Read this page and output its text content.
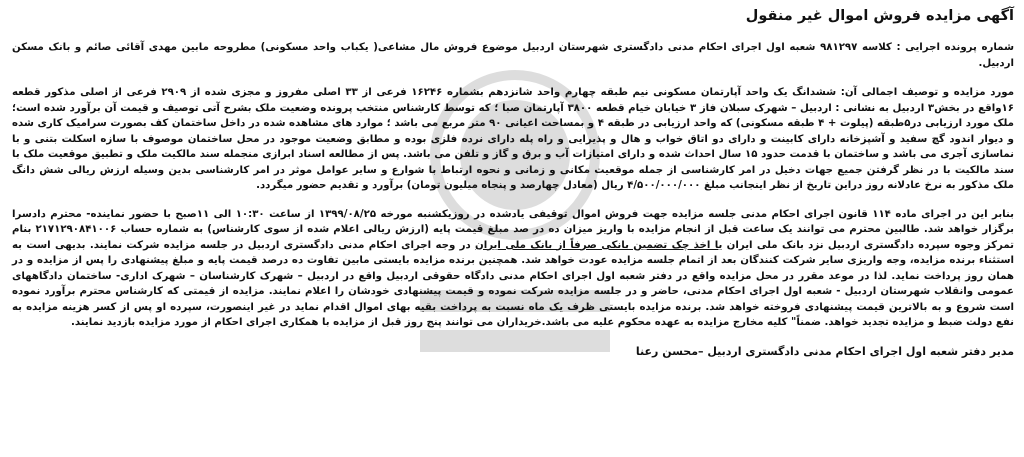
آگهی مزایده فروش اموال غیر منقول

شماره پرونده اجرایی : کلاسه ۹۸۱۲۹۷ شعبه اول اجرای احکام مدنی دادگستری شهرستان اردبیل موضوع فروش مال مشاعی( یکباب واحد مسکونی) مطروحه مابین مهدی آقائی صائم و بانک مسکن اردبیل.

مورد مزایده و توصیف اجمالی آن: ششدانگ یک واحد آپارتمان مسکونی نیم طبقه چهارم واحد شانزدهم بشماره ۱۶۲۴۶ فرعی از ۳۳ اصلی مفروز و مجزی شده از ۲۹۰۹ فرعی از اصلی مذکور قطعه ۱۶واقع در بخش۳ اردبیل به نشانی : اردبیل – شهرک سبلان فاز ۳ خیابان خیام قطعه ۳۸۰۰ آپارتمان صبا ؛ که توسط کارشناس منتخب پرونده وضعیت ملک بشرح آتی توصیف و قیمت آن برآورد شده است؛ ملک مورد ارزیابی در۵طبقه (پیلوت + ۴ طبقه مسکونی) که واحد ارزیابی در طبقه ۴ و بمساحت اعیانی ۹۰ متر مربع می باشد ؛ موارد های مشاهده شده در داخل ساختمان کف بصورت سرامیک کاری شده و دیوار اندود گچ سفید و آشپزخانه دارای کابینت و دارای دو اتاق خواب و هال و پذیرایی و راه پله دارای نرده فلزی بوده و مطابق وضعیت موجود در محل ساختمان موصوف با سازه اسکلت بتنی و با نماسازی آجری می باشد و ساختمان با قدمت حدود ۱۵ سال احداث شده و دارای امتیازات آب و برق و گاز و تلفن می باشد. پس از مطالعه اسناد ابرازی منجمله سند مالکیت ملک و تطبیق موقعیت ملک با سند مالکیت با در نظر گرفتن جمیع جهات دخیل در امر کارشناسی از جمله موقعیت مکانی و زمانی و نحوه ارتباط با شوارع و سایر عوامل موثر در امر کارشناسی بدین وسیله ارزش ریالی شش دانگ ملک مذکور به نرخ عادلانه روز دراین تاریخ از نظر اینجانب مبلغ ۴/۵۰۰/۰۰۰/۰۰۰ ریال (معادل چهارصد و پنجاه میلیون تومان) برآورد و تقدیم حضور میگردد.

بنابر این در اجرای ماده ۱۱۴ قانون اجرای احکام مدنی جلسه مزایده جهت فروش اموال توقیفی یادشده در روزیکشنبه مورخه ۱۳۹۹/۰۸/۲۵ از ساعت ۱۰:۳۰ الی ۱۱صبح با حضور نماینده- محترم دادسرا برگزار خواهد شد. طالبین محترم می توانند یک ساعت قبل از انجام مزایده با واریز میزان ده در صد مبلغ قیمت پایه (ارزش ریالی اعلام شده از سوی کارشناس) به شماره حساب ۲۱۷۱۲۹۰۸۴۱۰۰۶ بنام تمرکز وجوه سپرده دادگستری اردبیل نزد بانک ملی ایران یا اخذ چک تضمین بانکی صرفاً از بانک ملی ایران در وجه اجرای احکام مدنی دادگستری اردبیل در جلسه مزایده شرکت نمایند. بدیهی است به استثناء برنده مزایده، وجه واریزی سایر شرکت کنندگان بعد از اتمام جلسه مزایده عودت خواهد شد. همچنین برنده مزایده بایستی مابین تفاوت ده درصد قیمت پایه و مبلغ پیشنهادی را پس از مزایده و در همان روز پرداخت نماید. لذا در موعد مقرر در محل مزایده واقع در دفتر شعبه اول اجرای احکام مدنی دادگاه حقوقی اردبیل واقع در اردبیل – شهرک کارشناسان – شهرک اداری- ساختمان دادگاههای عمومی وانقلاب شهرستان اردبیل - شعبه اول اجرای احکام مدنی، حاضر و در جلسه مزایده شرکت نموده و قیمت پیشنهادی خودشان را اعلام نمایند. مزایده از قیمتی که کارشناس محترم برآورد نموده است شروع و به بالاترین قیمت پیشنهادی فروخته خواهد شد. برنده مزایده بایستی ظرف یک ماه نسبت به پرداخت بقیه بهای اموال اقدام نماید در غیر اینصورت، سپرده او پس از کسر هزینه مزایده به نفع دولت ضبط و مزایده تجدید خواهد. ضمناً" کلیه مخارج مزایده به عهده محکوم علیه می باشد.خریداران می توانند پنج روز قبل از مزایده با همکاری اجرای احکام از مورد مزایده بازدید نمایند.

مدیر دفتر شعبه اول اجرای احکام مدنی دادگستری اردبیل –محسن رعنا
